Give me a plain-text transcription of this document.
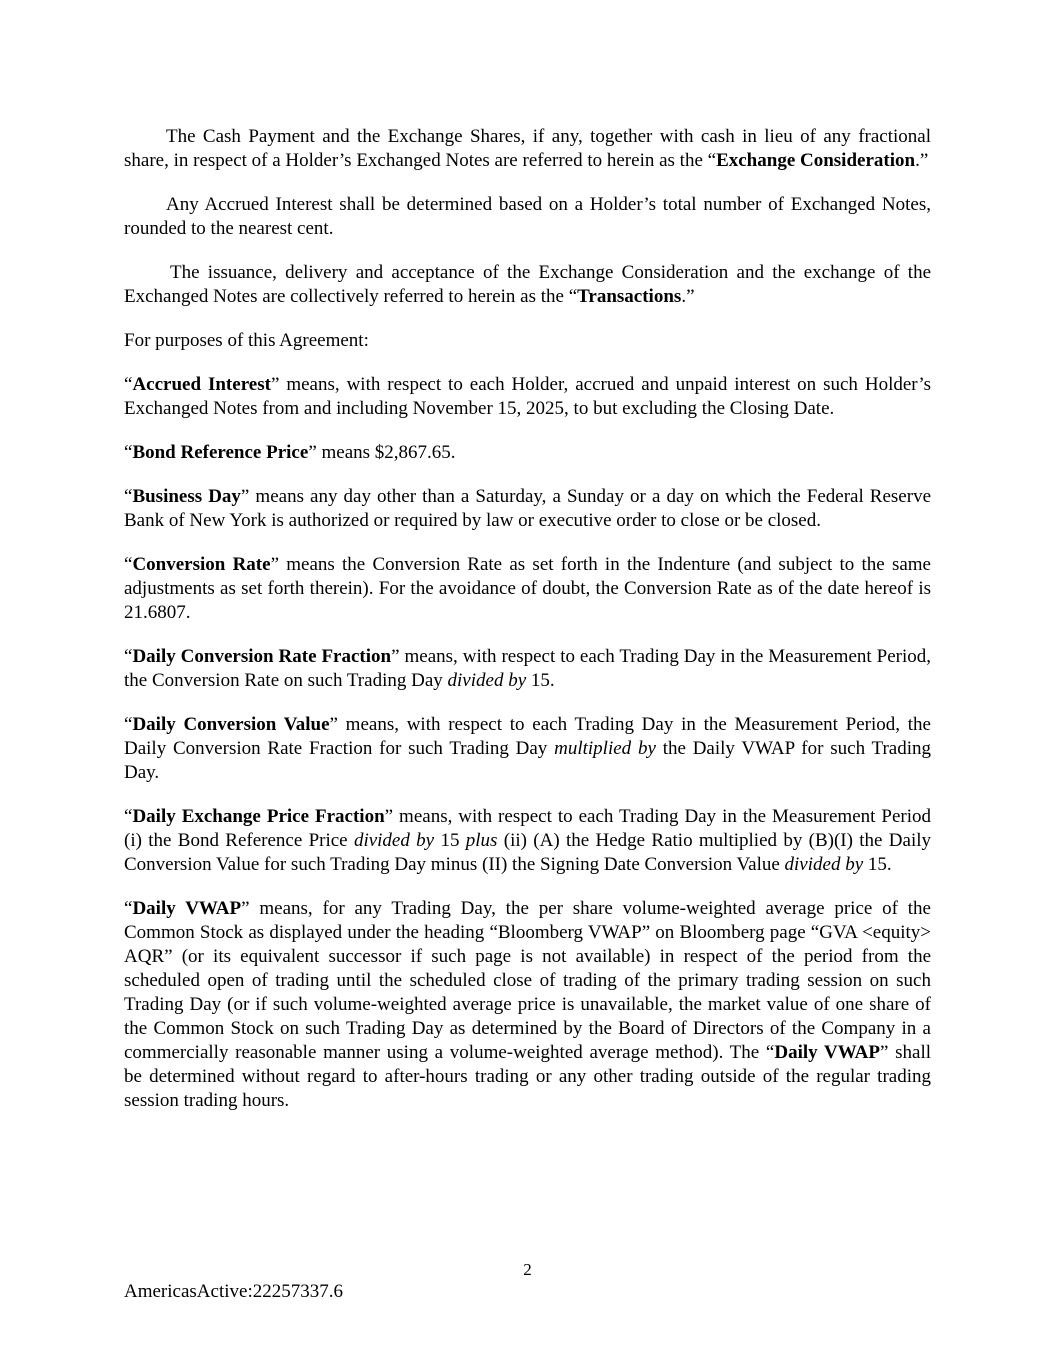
The Cash Payment and the Exchange Shares, if any, together with cash in lieu of any fractional share, in respect of a Holder’s Exchanged Notes are referred to herein as the “Exchange Consideration.”

Any Accrued Interest shall be determined based on a Holder’s total number of Exchanged Notes, rounded to the nearest cent.

The issuance, delivery and acceptance of the Exchange Consideration and the exchange of the Exchanged Notes are collectively referred to herein as the “Transactions.”

For purposes of this Agreement:

“Accrued Interest” means, with respect to each Holder, accrued and unpaid interest on such Holder’s Exchanged Notes from and including November 15, 2025, to but excluding the Closing Date.

“Bond Reference Price” means $2,867.65.

“Business Day” means any day other than a Saturday, a Sunday or a day on which the Federal Reserve Bank of New York is authorized or required by law or executive order to close or be closed.

“Conversion Rate” means the Conversion Rate as set forth in the Indenture (and subject to the same adjustments as set forth therein). For the avoidance of doubt, the Conversion Rate as of the date hereof is 21.6807.

“Daily Conversion Rate Fraction” means, with respect to each Trading Day in the Measurement Period, the Conversion Rate on such Trading Day divided by 15.

“Daily Conversion Value” means, with respect to each Trading Day in the Measurement Period, the Daily Conversion Rate Fraction for such Trading Day multiplied by the Daily VWAP for such Trading Day.

“Daily Exchange Price Fraction” means, with respect to each Trading Day in the Measurement Period (i) the Bond Reference Price divided by 15 plus (ii) (A) the Hedge Ratio multiplied by (B)(I) the Daily Conversion Value for such Trading Day minus (II) the Signing Date Conversion Value divided by 15.

“Daily VWAP” means, for any Trading Day, the per share volume-weighted average price of the Common Stock as displayed under the heading “Bloomberg VWAP” on Bloomberg page “GVA <equity> AQR” (or its equivalent successor if such page is not available) in respect of the period from the scheduled open of trading until the scheduled close of trading of the primary trading session on such Trading Day (or if such volume-weighted average price is unavailable, the market value of one share of the Common Stock on such Trading Day as determined by the Board of Directors of the Company in a commercially reasonable manner using a volume-weighted average method). The “Daily VWAP” shall be determined without regard to after-hours trading or any other trading outside of the regular trading session trading hours.

2
AmericasActive:22257337.6
